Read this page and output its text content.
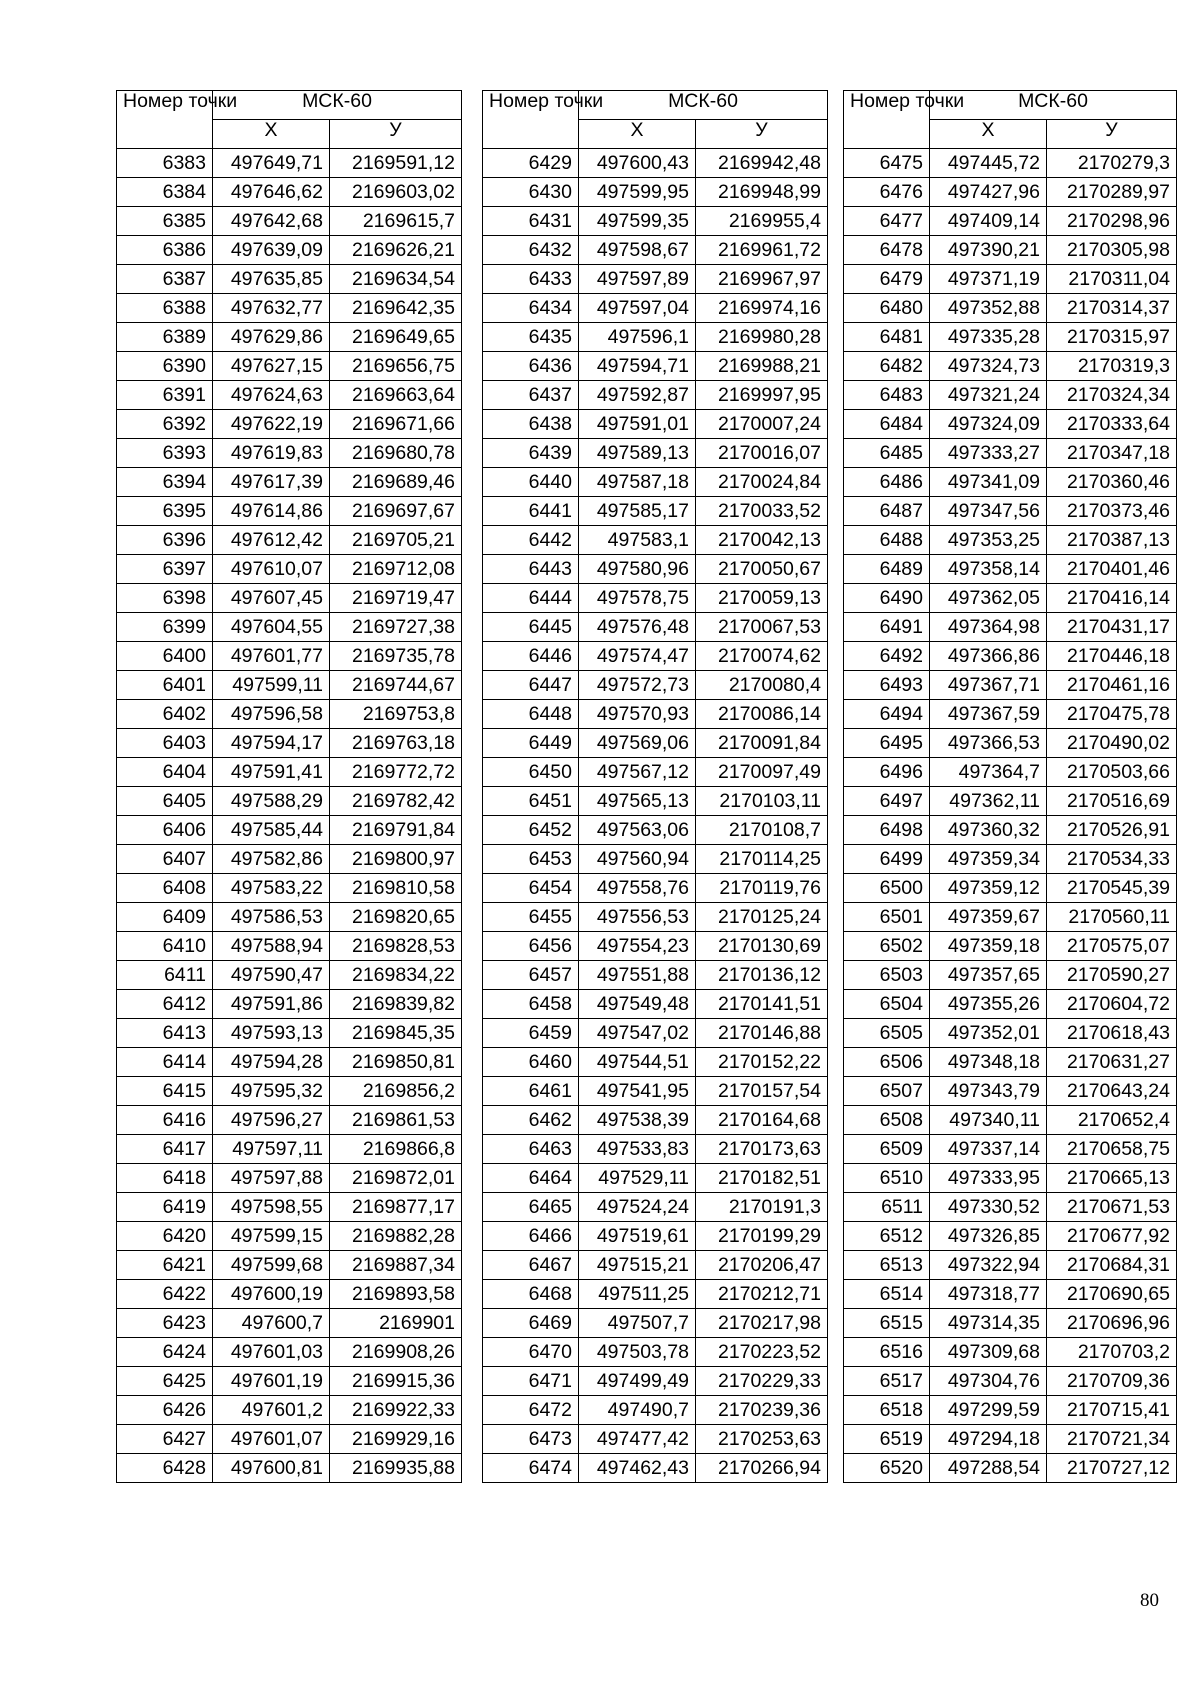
Номер точки	МСК-60	
	Х	У
6383	497649,71	2169591,12
6384	497646,62	2169603,02
6385	497642,68	2169615,7
6386	497639,09	2169626,21
6387	497635,85	2169634,54
6388	497632,77	2169642,35
6389	497629,86	2169649,65
6390	497627,15	2169656,75
6391	497624,63	2169663,64
6392	497622,19	2169671,66
6393	497619,83	2169680,78
6394	497617,39	2169689,46
6395	497614,86	2169697,67
6396	497612,42	2169705,21
6397	497610,07	2169712,08
6398	497607,45	2169719,47
6399	497604,55	2169727,38
6400	497601,77	2169735,78
6401	497599,11	2169744,67
6402	497596,58	2169753,8
6403	497594,17	2169763,18
6404	497591,41	2169772,72
6405	497588,29	2169782,42
6406	497585,44	2169791,84
6407	497582,86	2169800,97
6408	497583,22	2169810,58
6409	497586,53	2169820,65
6410	497588,94	2169828,53
6411	497590,47	2169834,22
6412	497591,86	2169839,82
6413	497593,13	2169845,35
6414	497594,28	2169850,81
6415	497595,32	2169856,2
6416	497596,27	2169861,53
6417	497597,11	2169866,8
6418	497597,88	2169872,01
6419	497598,55	2169877,17
6420	497599,15	2169882,28
6421	497599,68	2169887,34
6422	497600,19	2169893,58
6423	497600,7	2169901
6424	497601,03	2169908,26
6425	497601,19	2169915,36
6426	497601,2	2169922,33
6427	497601,07	2169929,16
6428	497600,81	2169935,88
Номер точки	МСК-60	
	Х	У
6429	497600,43	2169942,48
6430	497599,95	2169948,99
6431	497599,35	2169955,4
6432	497598,67	2169961,72
6433	497597,89	2169967,97
6434	497597,04	2169974,16
6435	497596,1	2169980,28
6436	497594,71	2169988,21
6437	497592,87	2169997,95
6438	497591,01	2170007,24
6439	497589,13	2170016,07
6440	497587,18	2170024,84
6441	497585,17	2170033,52
6442	497583,1	2170042,13
6443	497580,96	2170050,67
6444	497578,75	2170059,13
6445	497576,48	2170067,53
6446	497574,47	2170074,62
6447	497572,73	2170080,4
6448	497570,93	2170086,14
6449	497569,06	2170091,84
6450	497567,12	2170097,49
6451	497565,13	2170103,11
6452	497563,06	2170108,7
6453	497560,94	2170114,25
6454	497558,76	2170119,76
6455	497556,53	2170125,24
6456	497554,23	2170130,69
6457	497551,88	2170136,12
6458	497549,48	2170141,51
6459	497547,02	2170146,88
6460	497544,51	2170152,22
6461	497541,95	2170157,54
6462	497538,39	2170164,68
6463	497533,83	2170173,63
6464	497529,11	2170182,51
6465	497524,24	2170191,3
6466	497519,61	2170199,29
6467	497515,21	2170206,47
6468	497511,25	2170212,71
6469	497507,7	2170217,98
6470	497503,78	2170223,52
6471	497499,49	2170229,33
6472	497490,7	2170239,36
6473	497477,42	2170253,63
6474	497462,43	2170266,94
Номер точки	МСК-60	
	Х	У
6475	497445,72	2170279,3
6476	497427,96	2170289,97
6477	497409,14	2170298,96
6478	497390,21	2170305,98
6479	497371,19	2170311,04
6480	497352,88	2170314,37
6481	497335,28	2170315,97
6482	497324,73	2170319,3
6483	497321,24	2170324,34
6484	497324,09	2170333,64
6485	497333,27	2170347,18
6486	497341,09	2170360,46
6487	497347,56	2170373,46
6488	497353,25	2170387,13
6489	497358,14	2170401,46
6490	497362,05	2170416,14
6491	497364,98	2170431,17
6492	497366,86	2170446,18
6493	497367,71	2170461,16
6494	497367,59	2170475,78
6495	497366,53	2170490,02
6496	497364,7	2170503,66
6497	497362,11	2170516,69
6498	497360,32	2170526,91
6499	497359,34	2170534,33
6500	497359,12	2170545,39
6501	497359,67	2170560,11
6502	497359,18	2170575,07
6503	497357,65	2170590,27
6504	497355,26	2170604,72
6505	497352,01	2170618,43
6506	497348,18	2170631,27
6507	497343,79	2170643,24
6508	497340,11	2170652,4
6509	497337,14	2170658,75
6510	497333,95	2170665,13
6511	497330,52	2170671,53
6512	497326,85	2170677,92
6513	497322,94	2170684,31
6514	497318,77	2170690,65
6515	497314,35	2170696,96
6516	497309,68	2170703,2
6517	497304,76	2170709,36
6518	497299,59	2170715,41
6519	497294,18	2170721,34
6520	497288,54	2170727,12
80
